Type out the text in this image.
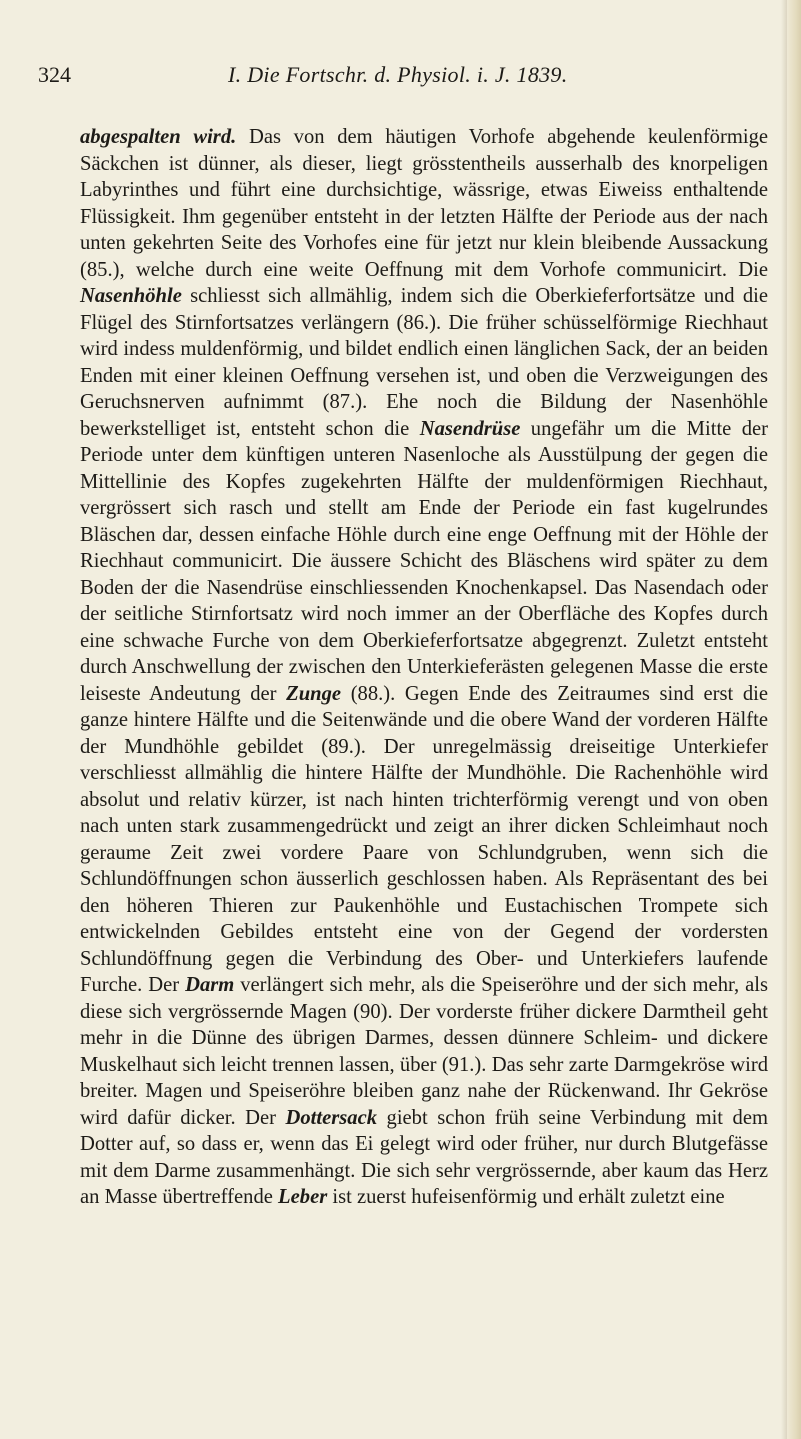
324	I. Die Fortschr. d. Physiol. i. J. 1839.

abgespalten wird. Das von dem häutigen Vorhofe abgehende keulenförmige Säckchen ist dünner, als dieser, liegt grösstentheils ausserhalb des knorpeligen Labyrinthes und führt eine durchsichtige, wässrige, etwas Eiweiss enthaltende Flüssigkeit. Ihm gegenüber entsteht in der letzten Hälfte der Periode aus der nach unten gekehrten Seite des Vorhofes eine für jetzt nur klein bleibende Aussackung (85.), welche durch eine weite Oeffnung mit dem Vorhofe communicirt. Die Nasenhöhle schliesst sich allmählig, indem sich die Oberkieferfortsätze und die Flügel des Stirnfortsatzes verlängern (86.). Die früher schüsselförmige Riechhaut wird indess muldenförmig, und bildet endlich einen länglichen Sack, der an beiden Enden mit einer kleinen Oeffnung versehen ist, und oben die Verzweigungen des Geruchsnerven aufnimmt (87.). Ehe noch die Bildung der Nasenhöhle bewerkstelliget ist, entsteht schon die Nasendrüse ungefähr um die Mitte der Periode unter dem künftigen unteren Nasenloche als Ausstülpung der gegen die Mittellinie des Kopfes zugekehrten Hälfte der muldenförmigen Riechhaut, vergrössert sich rasch und stellt am Ende der Periode ein fast kugelrundes Bläschen dar, dessen einfache Höhle durch eine enge Oeffnung mit der Höhle der Riechhaut communicirt. Die äussere Schicht des Bläschens wird später zu dem Boden der die Nasendrüse einschliessenden Knochenkapsel. Das Nasendach oder der seitliche Stirnfortsatz wird noch immer an der Oberfläche des Kopfes durch eine schwache Furche von dem Oberkieferfortsatze abgegrenzt. Zuletzt entsteht durch Anschwellung der zwischen den Unterkieferästen gelegenen Masse die erste leiseste Andeutung der Zunge (88.). Gegen Ende des Zeitraumes sind erst die ganze hintere Hälfte und die Seitenwände und die obere Wand der vorderen Hälfte der Mundhöhle gebildet (89.). Der unregelmässig dreiseitige Unterkiefer verschliesst allmählig die hintere Hälfte der Mundhöhle. Die Rachenhöhle wird absolut und relativ kürzer, ist nach hinten trichterförmig verengt und von oben nach unten stark zusammengedrückt und zeigt an ihrer dicken Schleimhaut noch geraume Zeit zwei vordere Paare von Schlundgruben, wenn sich die Schlundöffnungen schon äusserlich geschlossen haben. Als Repräsentant des bei den höheren Thieren zur Paukenhöhle und Eustachischen Trompete sich entwickelnden Gebildes entsteht eine von der Gegend der vordersten Schlundöffnung gegen die Verbindung des Ober- und Unterkiefers laufende Furche. Der Darm verlängert sich mehr, als die Speiseröhre und der sich mehr, als diese sich vergrössernde Magen (90). Der vorderste früher dickere Darmtheil geht mehr in die Dünne des übrigen Darmes, dessen dünnere Schleim- und dickere Muskelhaut sich leicht trennen lassen, über (91.). Das sehr zarte Darmgekröse wird breiter. Magen und Speiseröhre bleiben ganz nahe der Rückenwand. Ihr Gekröse wird dafür dicker. Der Dottersack giebt schon früh seine Verbindung mit dem Dotter auf, so dass er, wenn das Ei gelegt wird oder früher, nur durch Blutgefässe mit dem Darme zusammenhängt. Die sich sehr vergrössernde, aber kaum das Herz an Masse übertreffende Leber ist zuerst hufeisenförmig und erhält zuletzt eine
